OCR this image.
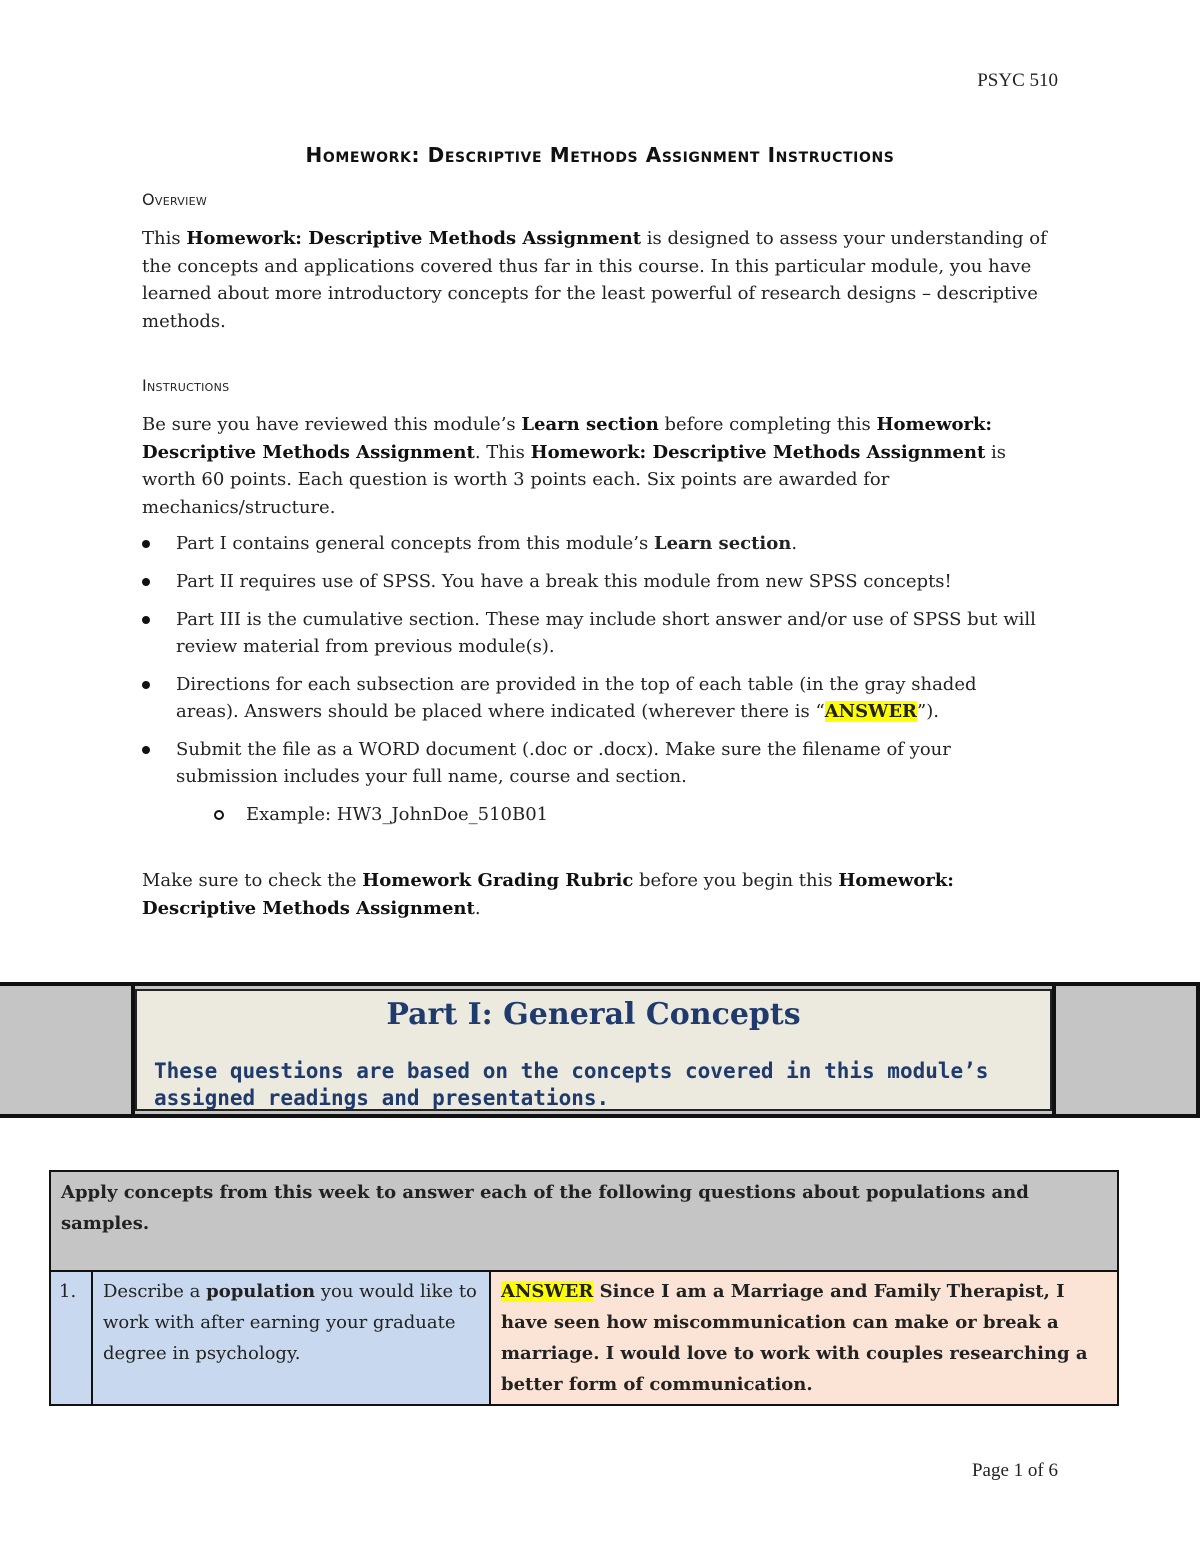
PSYC 510
Homework: Descriptive Methods Assignment Instructions
Overview
This Homework: Descriptive Methods Assignment is designed to assess your understanding of the concepts and applications covered thus far in this course. In this particular module, you have learned about more introductory concepts for the least powerful of research designs – descriptive methods.
Instructions
Be sure you have reviewed this module’s Learn section before completing this Homework: Descriptive Methods Assignment. This Homework: Descriptive Methods Assignment is worth 60 points. Each question is worth 3 points each. Six points are awarded for mechanics/structure.
Part I contains general concepts from this module’s Learn section.
Part II requires use of SPSS. You have a break this module from new SPSS concepts!
Part III is the cumulative section. These may include short answer and/or use of SPSS but will review material from previous module(s).
Directions for each subsection are provided in the top of each table (in the gray shaded areas). Answers should be placed where indicated (wherever there is “ANSWER”).
Submit the file as a WORD document (.doc or .docx). Make sure the filename of your submission includes your full name, course and section.
Example: HW3_JohnDoe_510B01
Make sure to check the Homework Grading Rubric before you begin this Homework: Descriptive Methods Assignment.
Part I: General Concepts
These questions are based on the concepts covered in this module’s assigned readings and presentations.
Apply concepts from this week to answer each of the following questions about populations and samples.
1.	Describe a population you would like to work with after earning your graduate degree in psychology.	ANSWER Since I am a Marriage and Family Therapist, I have seen how miscommunication can make or break a marriage. I would love to work with couples researching a better form of communication.
Page 1 of 6
